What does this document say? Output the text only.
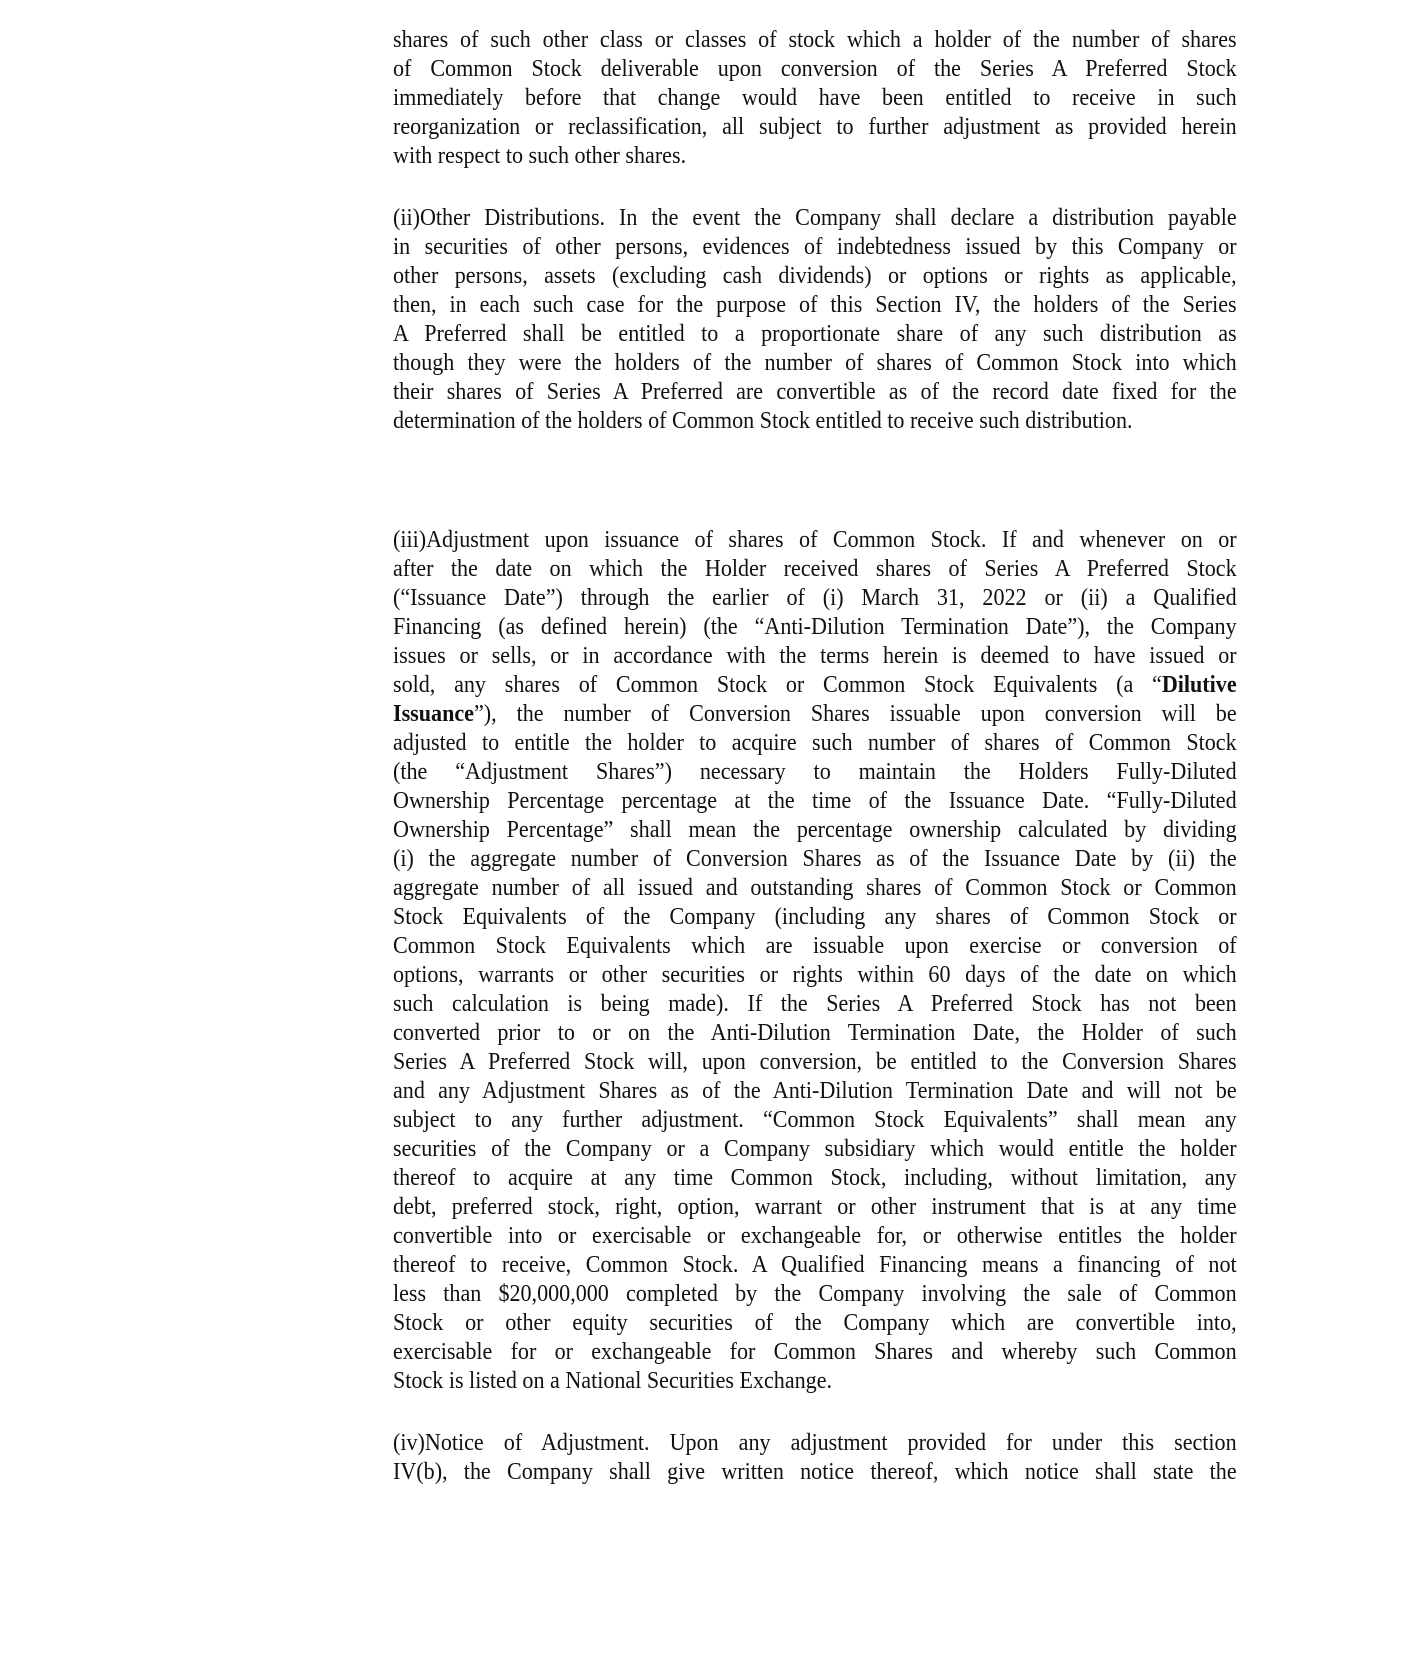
shares of such other class or classes of stock which a holder of the number of shares
of Common Stock deliverable upon conversion of the Series A Preferred Stock
immediately before that change would have been entitled to receive in such
reorganization or reclassification, all subject to further adjustment as provided herein
with respect to such other shares.
(ii)Other Distributions. In the event the Company shall declare a distribution payable
in securities of other persons, evidences of indebtedness issued by this Company or
other persons, assets (excluding cash dividends) or options or rights as applicable,
then, in each such case for the purpose of this Section IV, the holders of the Series
A Preferred shall be entitled to a proportionate share of any such distribution as
though they were the holders of the number of shares of Common Stock into which
their shares of Series A Preferred are convertible as of the record date fixed for the
determination of the holders of Common Stock entitled to receive such distribution.
(iii)Adjustment upon issuance of shares of Common Stock. If and whenever on or
after the date on which the Holder received shares of Series A Preferred Stock
(“Issuance Date”) through the earlier of (i) March 31, 2022 or (ii) a Qualified
Financing (as defined herein) (the “Anti-Dilution Termination Date”), the Company
issues or sells, or in accordance with the terms herein is deemed to have issued or
sold, any shares of Common Stock or Common Stock Equivalents (a “Dilutive
Issuance”), the number of Conversion Shares issuable upon conversion will be
adjusted to entitle the holder to acquire such number of shares of Common Stock
(the “Adjustment Shares”) necessary to maintain the Holders Fully-Diluted
Ownership Percentage percentage at the time of the Issuance Date. “Fully-Diluted
Ownership Percentage” shall mean the percentage ownership calculated by dividing
(i) the aggregate number of Conversion Shares as of the Issuance Date by (ii) the
aggregate number of all issued and outstanding shares of Common Stock or Common
Stock Equivalents of the Company (including any shares of Common Stock or
Common Stock Equivalents which are issuable upon exercise or conversion of
options, warrants or other securities or rights within 60 days of the date on which
such calculation is being made). If the Series A Preferred Stock has not been
converted prior to or on the Anti-Dilution Termination Date, the Holder of such
Series A Preferred Stock will, upon conversion, be entitled to the Conversion Shares
and any Adjustment Shares as of the Anti-Dilution Termination Date and will not be
subject to any further adjustment. “Common Stock Equivalents” shall mean any
securities of the Company or a Company subsidiary which would entitle the holder
thereof to acquire at any time Common Stock, including, without limitation, any
debt, preferred stock, right, option, warrant or other instrument that is at any time
convertible into or exercisable or exchangeable for, or otherwise entitles the holder
thereof to receive, Common Stock. A Qualified Financing means a financing of not
less than $20,000,000 completed by the Company involving the sale of Common
Stock or other equity securities of the Company which are convertible into,
exercisable for or exchangeable for Common Shares and whereby such Common
Stock is listed on a National Securities Exchange.
(iv)Notice of Adjustment. Upon any adjustment provided for under this section
IV(b), the Company shall give written notice thereof, which notice shall state the
